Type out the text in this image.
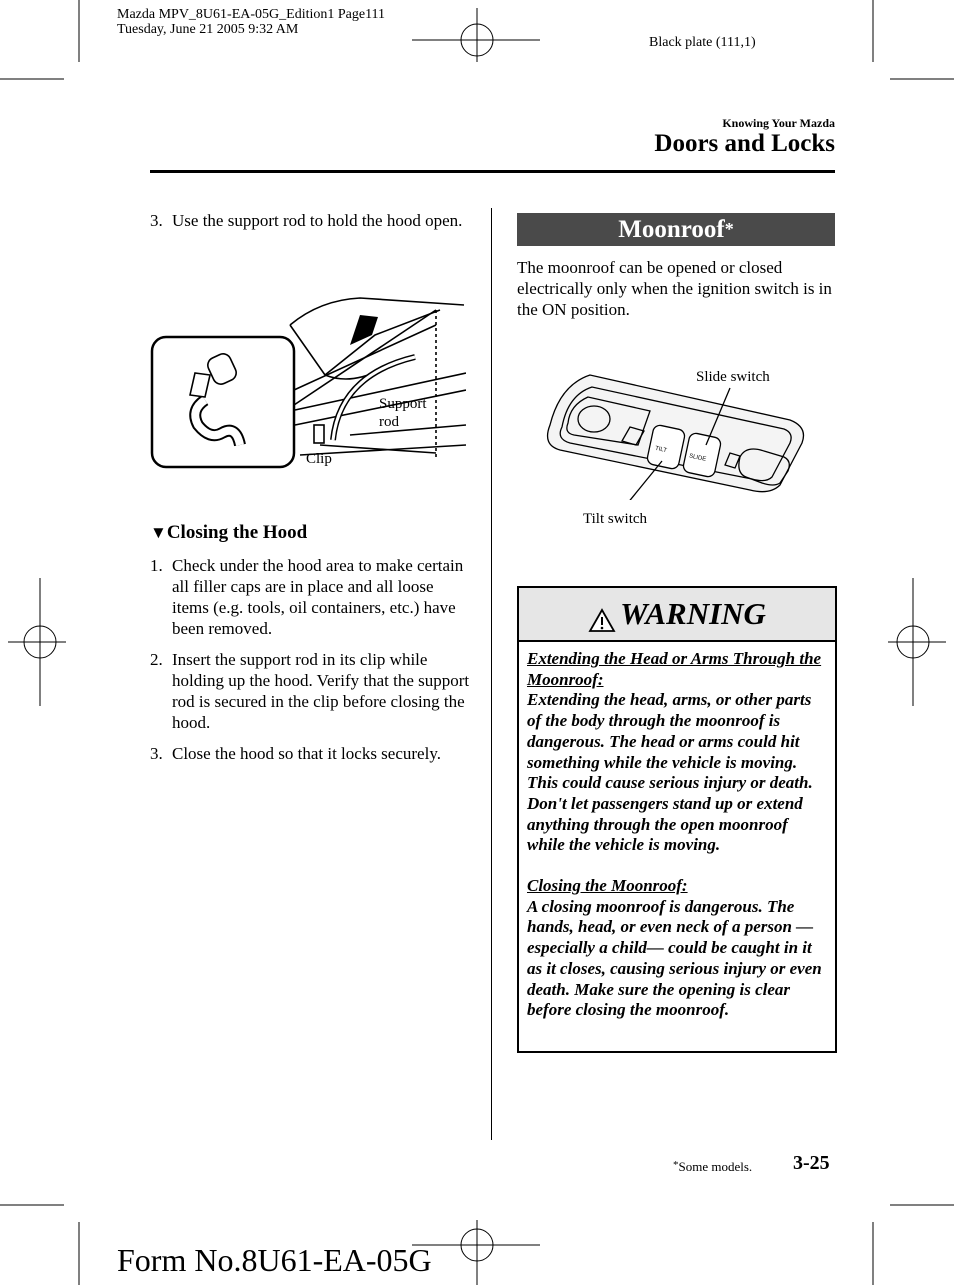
Mazda MPV_8U61-EA-05G_Edition1 Page111
Tuesday, June 21 2005 9:32 AM
Black plate (111,1)
Knowing Your Mazda
Doors and Locks
3. Use the support rod to hold the hood open.
Support
rod
Clip
▼Closing the Hood
1. Check under the hood area to make certain all filler caps are in place and all loose items (e.g. tools, oil containers, etc.) have been removed.
2. Insert the support rod in its clip while holding up the hood. Verify that the support rod is secured in the clip before closing the hood.
3. Close the hood so that it locks securely.
Moonroof*
The moonroof can be opened or closed electrically only when the ignition switch is in the ON position.
TILT
SLIDE
Slide switch
Tilt switch
WARNING

Extending the Head or Arms Through the Moonroof:

Extending the head, arms, or other parts of the body through the moonroof is dangerous. The head or arms could hit something while the vehicle is moving. This could cause serious injury or death. Don't let passengers stand up or extend anything through the open moonroof while the vehicle is moving.

Closing the Moonroof:

A closing moonroof is dangerous. The hands, head, or even neck of a person —especially a child— could be caught in it as it closes, causing serious injury or even death. Make sure the opening is clear before closing the moonroof.

*Some models. 3-25
Form No.8U61-EA-05G
